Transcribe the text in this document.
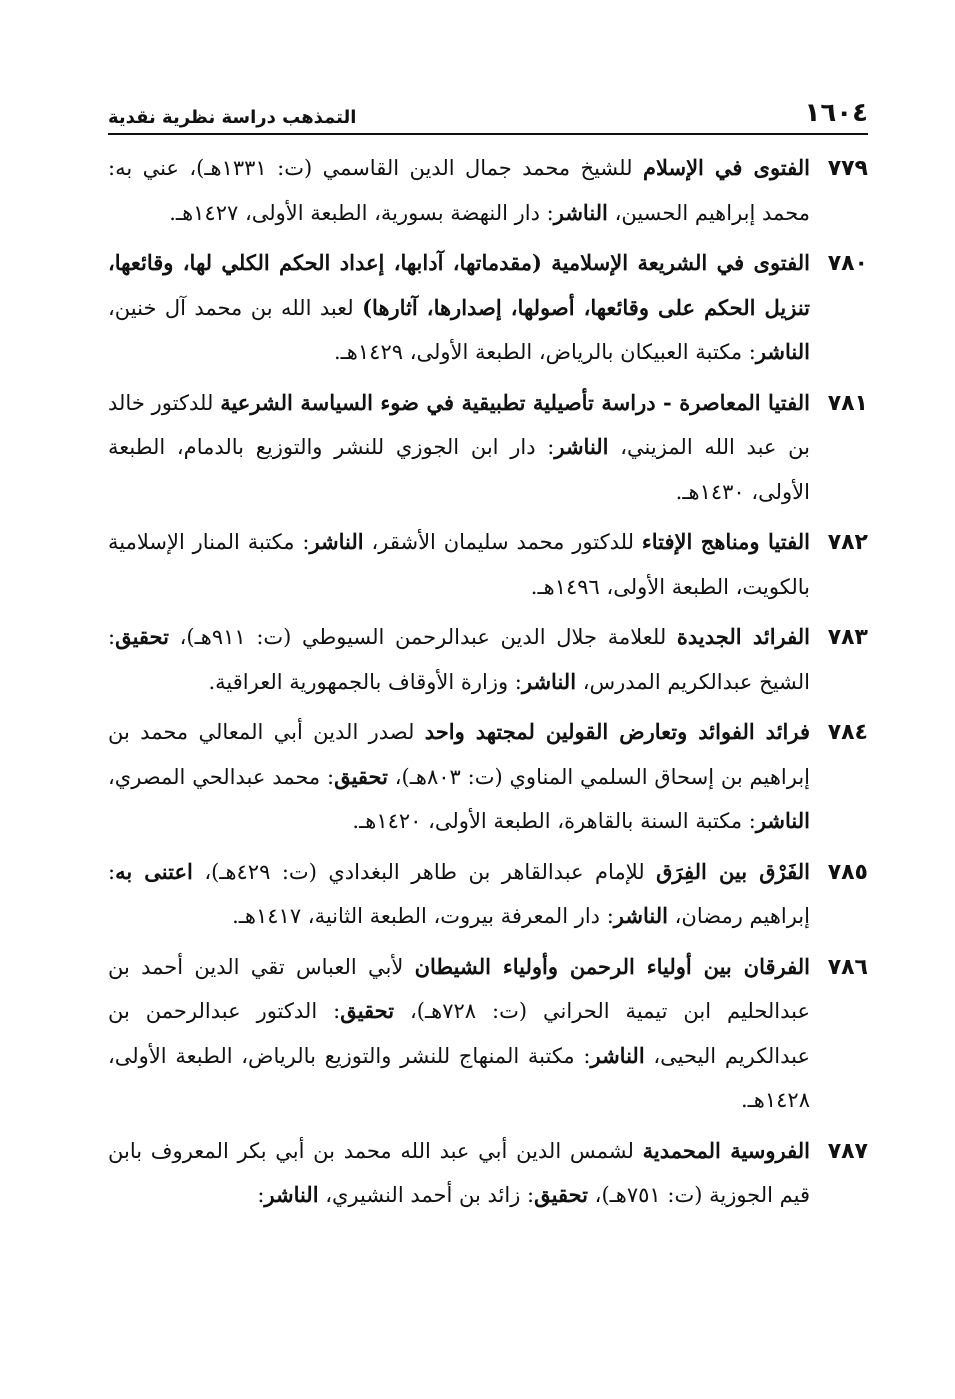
١٦٠٤
التمذهب دراسة نظرية نقدية
٧٧٩
الفتوى في الإسلام للشيخ محمد جمال الدين القاسمي (ت: ١٣٣١هـ)، عني به: محمد إبراهيم الحسين، الناشر: دار النهضة بسورية، الطبعة الأولى، ١٤٢٧هـ.
٧٨٠
الفتوى في الشريعة الإسلامية (مقدماتها، آدابها، إعداد الحكم الكلي لها، وقائعها، تنزيل الحكم على وقائعها، أصولها، إصدارها، آثارها) لعبد الله بن محمد آل خنين، الناشر: مكتبة العبيكان بالرياض، الطبعة الأولى، ١٤٢٩هـ.
٧٨١
الفتيا المعاصرة - دراسة تأصيلية تطبيقية في ضوء السياسة الشرعية للدكتور خالد بن عبد الله المزيني، الناشر: دار ابن الجوزي للنشر والتوزيع بالدمام، الطبعة الأولى، ١٤٣٠هـ.
٧٨٢
الفتيا ومناهج الإفتاء للدكتور محمد سليمان الأشقر، الناشر: مكتبة المنار الإسلامية بالكويت، الطبعة الأولى، ١٤٩٦هـ.
٧٨٣
الفرائد الجديدة للعلامة جلال الدين عبدالرحمن السيوطي (ت: ٩١١هـ)، تحقيق: الشيخ عبدالكريم المدرس، الناشر: وزارة الأوقاف بالجمهورية العراقية.
٧٨٤
فرائد الفوائد وتعارض القولين لمجتهد واحد لصدر الدين أبي المعالي محمد بن إبراهيم بن إسحاق السلمي المناوي (ت: ٨٠٣هـ)، تحقيق: محمد عبدالحي المصري، الناشر: مكتبة السنة بالقاهرة، الطبعة الأولى، ١٤٢٠هـ.
٧٨٥
الفَرْق بين الفِرَق للإمام عبدالقاهر بن طاهر البغدادي (ت: ٤٢٩هـ)، اعتنى به: إبراهيم رمضان، الناشر: دار المعرفة بيروت، الطبعة الثانية، ١٤١٧هـ.
٧٨٦
الفرقان بين أولياء الرحمن وأولياء الشيطان لأبي العباس تقي الدين أحمد بن عبدالحليم ابن تيمية الحراني (ت: ٧٢٨هـ)، تحقيق: الدكتور عبدالرحمن بن عبدالكريم اليحيى، الناشر: مكتبة المنهاج للنشر والتوزيع بالرياض، الطبعة الأولى، ١٤٢٨هـ.
٧٨٧
الفروسية المحمدية لشمس الدين أبي عبد الله محمد بن أبي بكر المعروف بابن قيم الجوزية (ت: ٧٥١هـ)، تحقيق: زائد بن أحمد النشيري، الناشر:
